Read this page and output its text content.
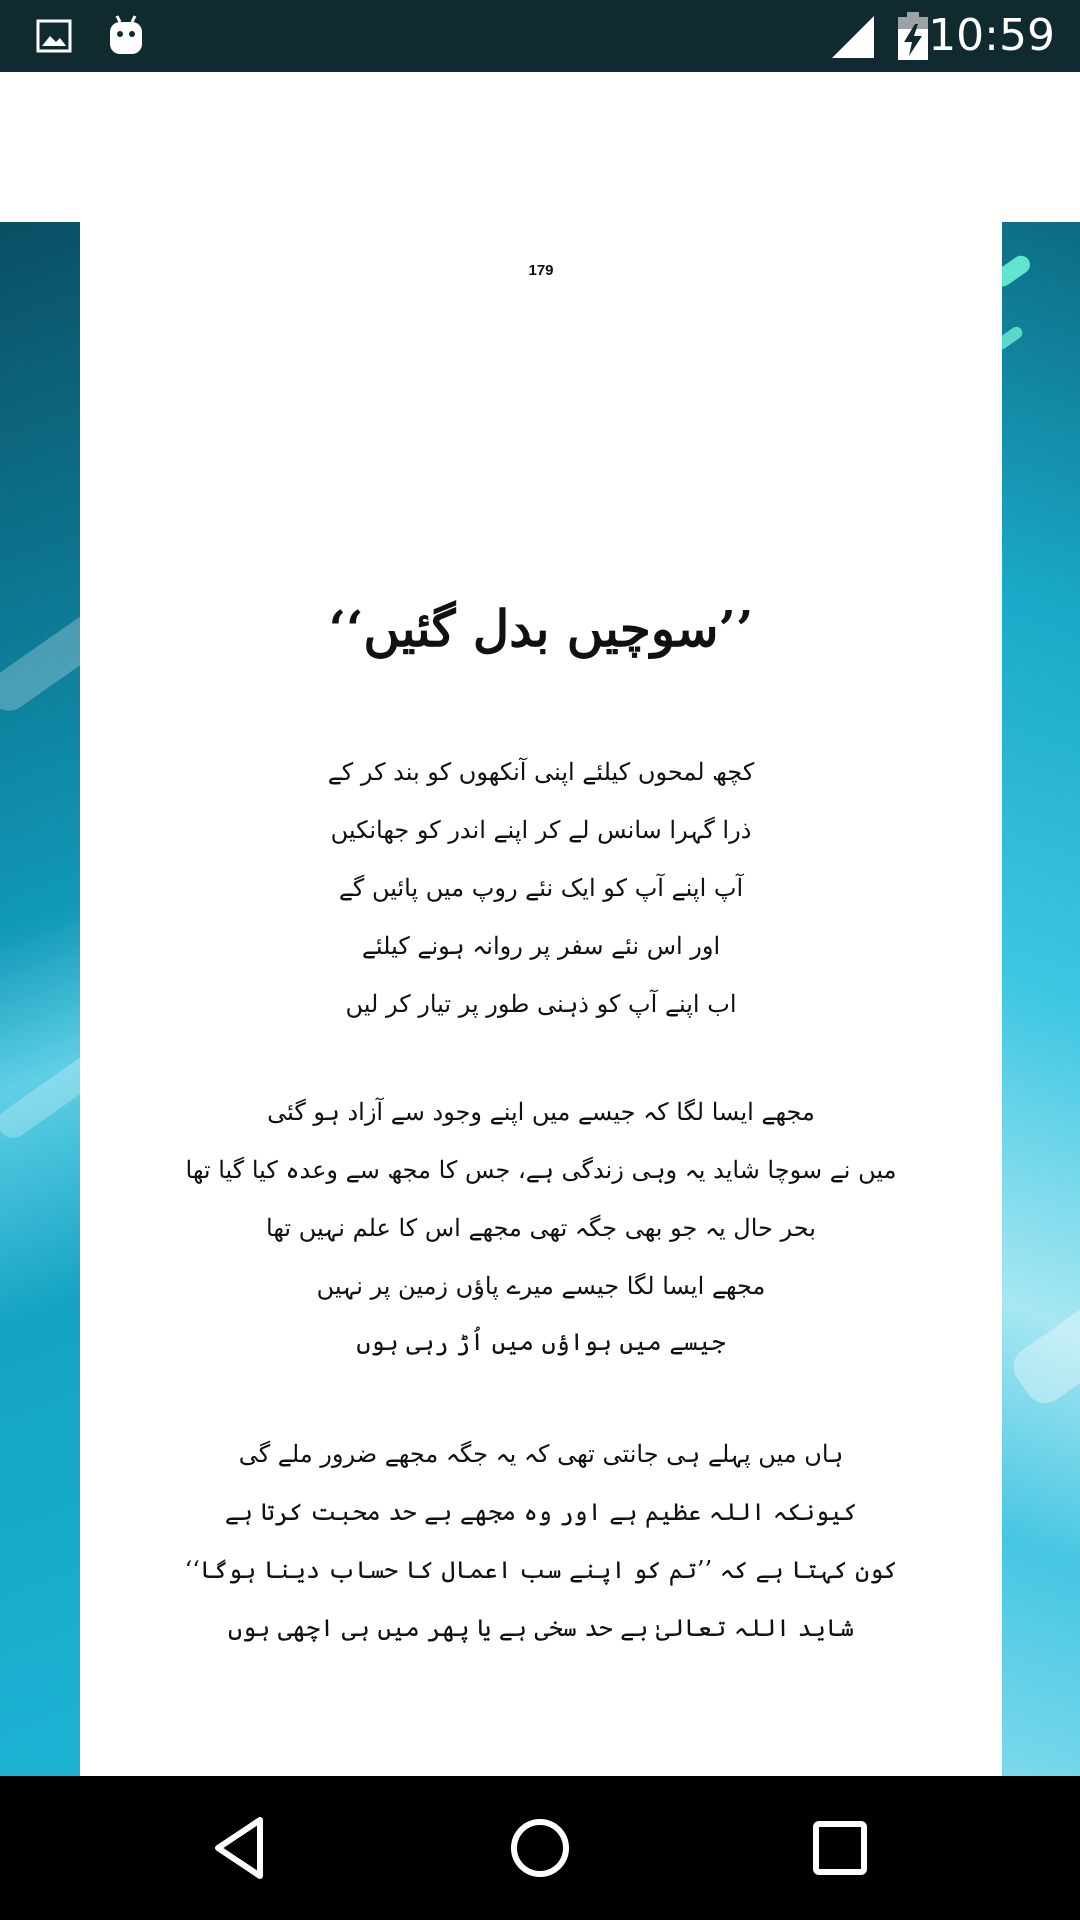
10:59
179
’’سوچیں بدل گئیں‘‘
کچھ لمحوں کیلئے اپنی آنکھوں کو بند کر کے
ذرا گہرا سانس لے کر اپنے اندر کو جھانکیں
آپ اپنے آپ کو ایک نئے روپ میں پائیں گے
اور اس نئے سفر پر روانہ ہونے کیلئے
اب اپنے آپ کو ذہنی طور پر تیار کر لیں
مجھے ایسا لگا کہ جیسے میں اپنے وجود سے آزاد ہو گئی
میں نے سوچا شاید یہ وہی زندگی ہے، جس کا مجھ سے وعدہ کیا گیا تھا
بحر حال یہ جو بھی جگہ تھی مجھے اس کا علم نہیں تھا
مجھے ایسا لگا جیسے میرے پاؤں زمین پر نہیں
جیسے میں ہواؤں میں اُڑ رہی ہوں
ہاں میں پہلے ہی جانتی تھی کہ یہ جگہ مجھے ضرور ملے گی
کیونکہ اللہ عظیم ہے اور وہ مجھے بے حد محبت کرتا ہے
کون کہتا ہے کہ ’’تم کو اپنے سب اعمال کا حساب دینا ہوگا‘‘
شاید اللہ تعالیٰ بے حد سخی ہے یا پھر میں ہی اچھی ہوں
